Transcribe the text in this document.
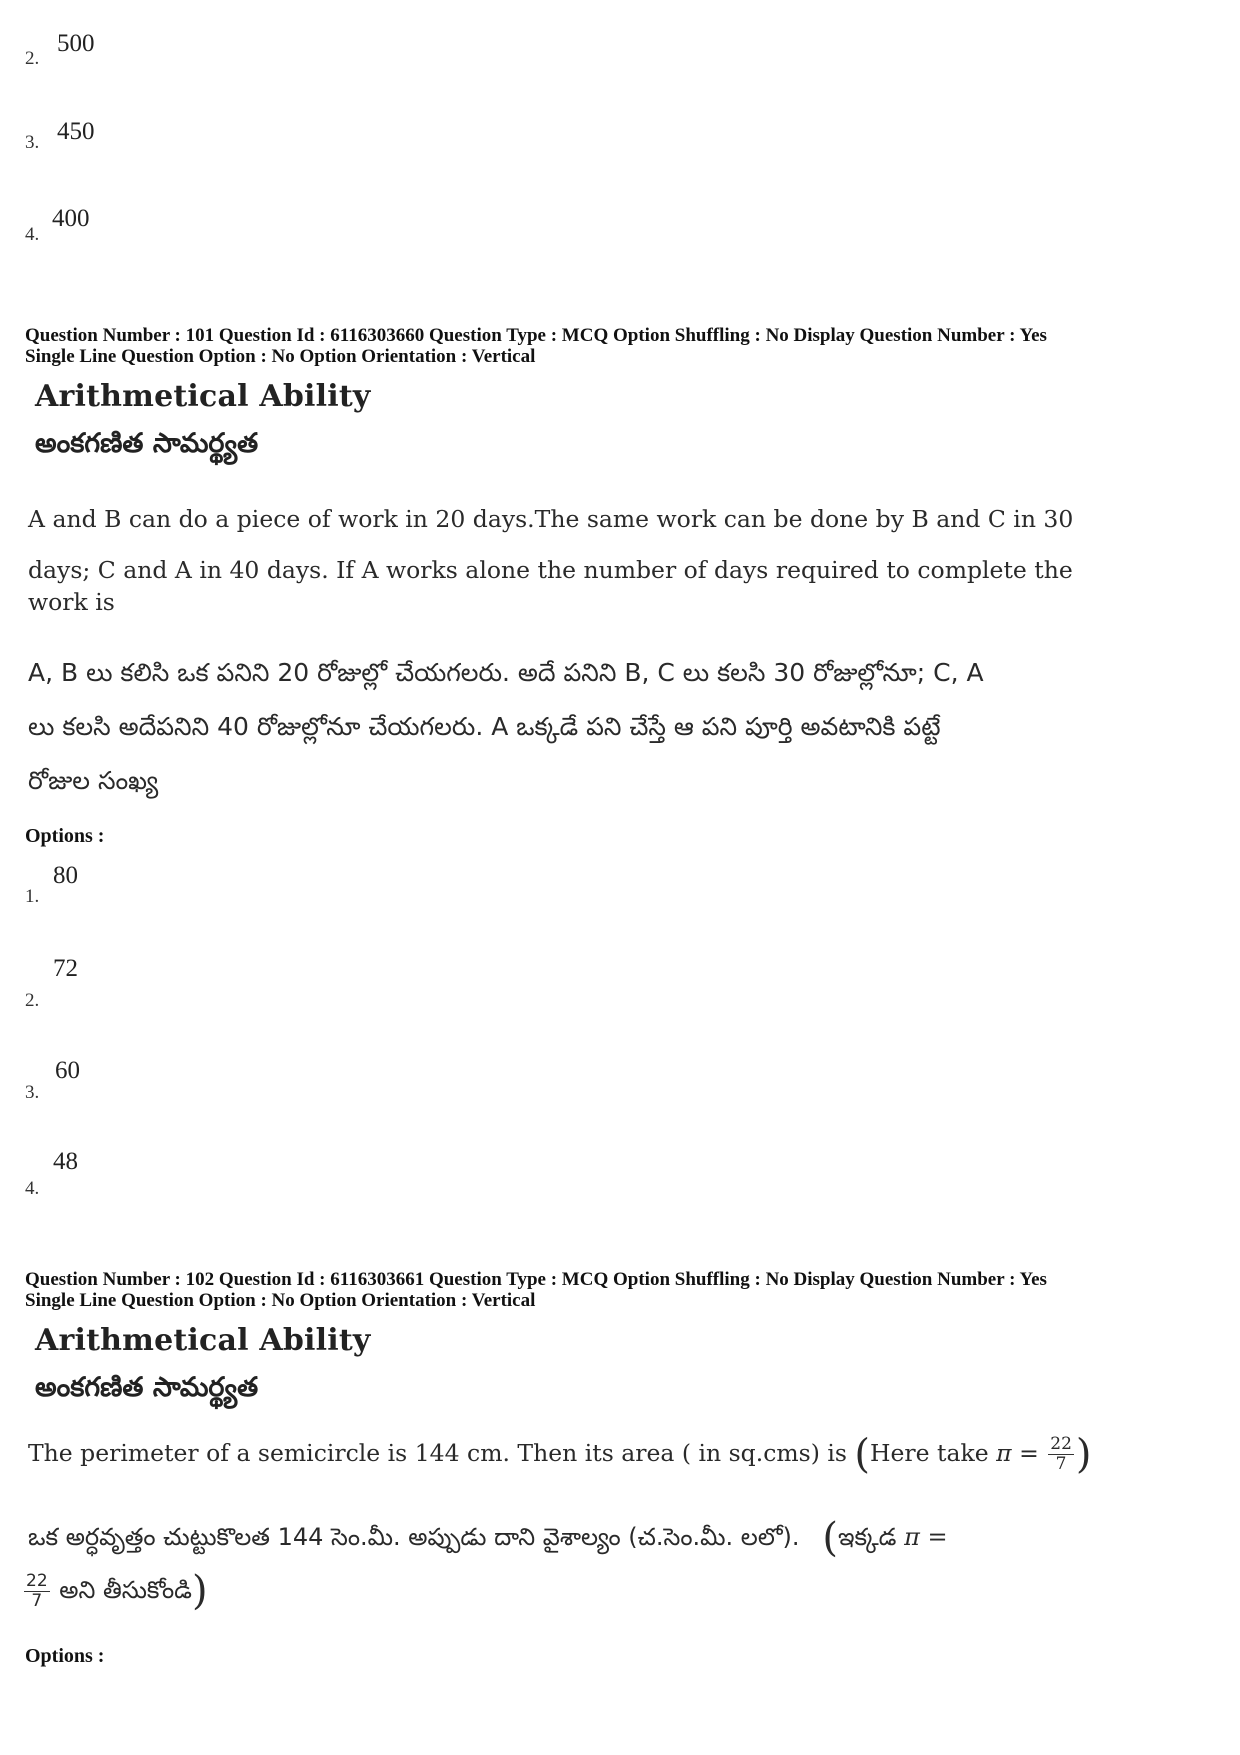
2.
500
3. 450
4.
400
Question Number : 101 Question Id : 6116303660 Question Type : MCQ Option Shuffling : No Display Question Number : Yes
Single Line Question Option : No Option Orientation : Vertical
Arithmetical Ability
అంకగణిత సామర్థ్యత
A and B can do a piece of work in 20 days.The same work can be done by B and C in 30
days; C and A in 40 days. If A works alone the number of days required to complete the
work is
A, B లు కలిసి ఒక పనిని 20 రోజుల్లో చేయగలరు. అదే పనిని B, C లు కలసి 30 రోజుల్లోనూ; C, A
లు కలసి అదేపనిని 40 రోజుల్లోనూ చేయగలరు. A ఒక్కడే పని చేస్తే ఆ పని పూర్తి అవటానికి పట్టే
రోజుల సంఖ్య
Options :
1.
80
2.
72
3.
60
4.
48
Question Number : 102 Question Id : 6116303661 Question Type : MCQ Option Shuffling : No Display Question Number : Yes
Single Line Question Option : No Option Orientation : Vertical
Arithmetical Ability
అంకగణిత సామర్థ్యత
The perimeter of a semicircle is 144 cm. Then its area ( in sq.cms) is (Here take $\pi = \frac{22}{7}$ )
ఒక అర్ధవృత్తం చుట్టుకొలత 144 సెం.మీ. అప్పుడు దాని వైశాల్యం (చ.సెం.మీ. లలో). (ఇక్కడ π =
$\frac{22}{7}$ అని తీసుకోండి)
Options :
